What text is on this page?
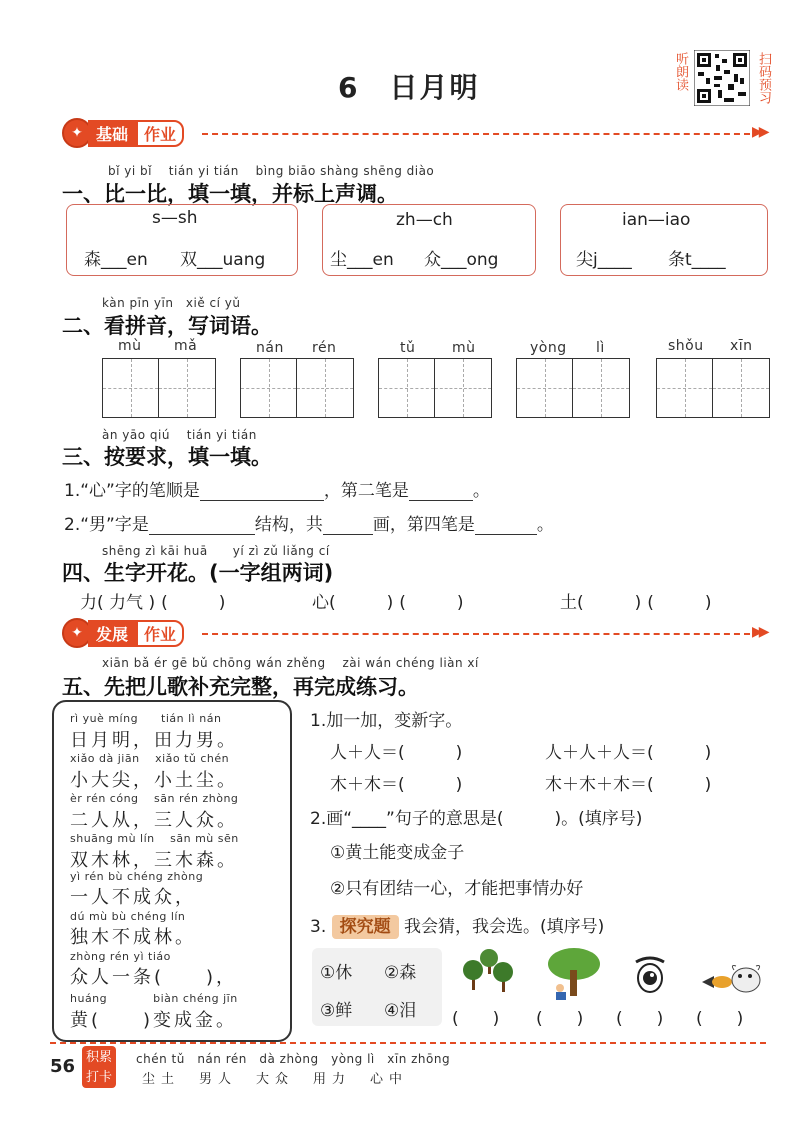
6　日月明	听朗读	扫码预习
✦ 基础	作业	▶▶
bǐ yi bǐ　 tián yi tián　 bìng biāo shàng shēng diào
一、比一比，填一填，并标上声调。
s—sh
森___en 双___uang
zh—ch
尘___en 众___ong
ian—iao
尖j____ 条t____
kàn pīn yīn　xiě cí yǔ
二、看拼音，写词语。
mù mǎ	nán rén	tǔ	mù	yòng lì	shǒu xīn
àn yāo qiú　 tián yi tián
三、按要求，填一填。
1.“心”字的笔顺是	，第二笔是	。
2.“男”字是	结构，共	画，第四笔是	。
shēng zì kāi huā　　yí zì zǔ liǎng cí
四、生字开花。(一字组两词)
力( 力气 ) (　　　)	心(　　　) (　　　)	土(　　　) (　　　)
✦ 发展	作业	▶▶
xiān bǎ ér gē bǔ chōng wán zhěng　 zài wán chéng liàn xí
五、先把儿歌补充完整，再完成练习。
rì yuè míng　　tián lì nán
日月明，田力男。
xiǎo dà jiān　 xiǎo tǔ chén
小大尖，小土尘。
èr rén cóng　 sān rén zhòng
二人从，三人众。
shuāng mù lín　 sān mù sēn
双木林，三木森。
yì rén bù chéng zhòng
一人不成众，
dú mù bù chéng lín
独木不成林。
zhòng rén yì tiáo
众人一条(　　)，
huáng　　　　biàn chéng jīn
黄(　　)变成金。
1.加一加，变新字。
人＋人＝(　　　)	人＋人＋人＝(　　　)
木＋木＝(　　　)	木＋木＋木＝(　　　)
2.画“____”句子的意思是(　　　)。(填序号)
①黄土能变成金子
②只有团结一心，才能把事情办好
3. 探究题 我会猜，我会选。(填序号)
①休 ②森
③鲜 ④泪 (　　) (　　) (　　) (　　)
56 积累打卡
chén tǔ　nán rén　dà zhòng　yòng lì　xīn zhōng
尘土　男人　大众　用力　心中
